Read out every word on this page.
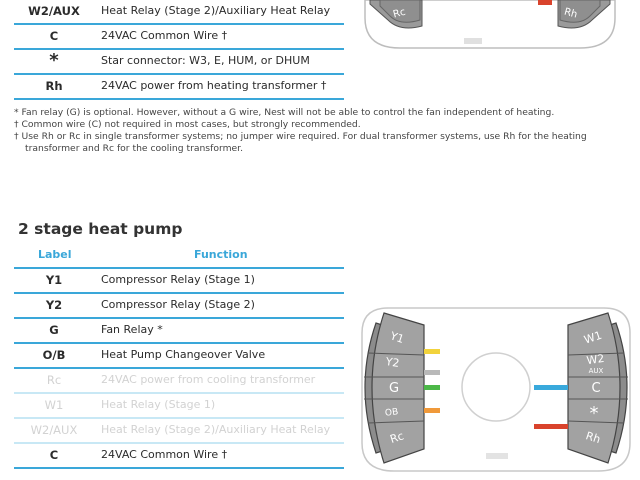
W2/AUX	Heat Relay (Stage 2)/Auxiliary Heat Relay
C	24VAC Common Wire †
*	Star connector: W3, E, HUM, or DHUM
Rh	24VAC power from heating transformer †
* Fan relay (G) is optional. However, without a G wire, Nest will not be able to control the fan independent of heating.
† Common wire (C) not required in most cases, but strongly recommended.
† Use Rh or Rc in single transformer systems; no jumper wire required. For dual transformer systems, use Rh for the heating
transformer and Rc for the cooling transformer.
Rc	Rh
2 stage heat pump
Label	Function
Y1	Compressor Relay (Stage 1)
Y2	Compressor Relay (Stage 2)
G	Fan Relay *
O/B	Heat Pump Changeover Valve
Rc	24VAC power from cooling transformer
W1	Heat Relay (Stage 1)
W2/AUX	Heat Relay (Stage 2)/Auxiliary Heat Relay
C	24VAC Common Wire †
Y1
Y2
G
OB
Rc
W1
W2
AUX
C
*
Rh
